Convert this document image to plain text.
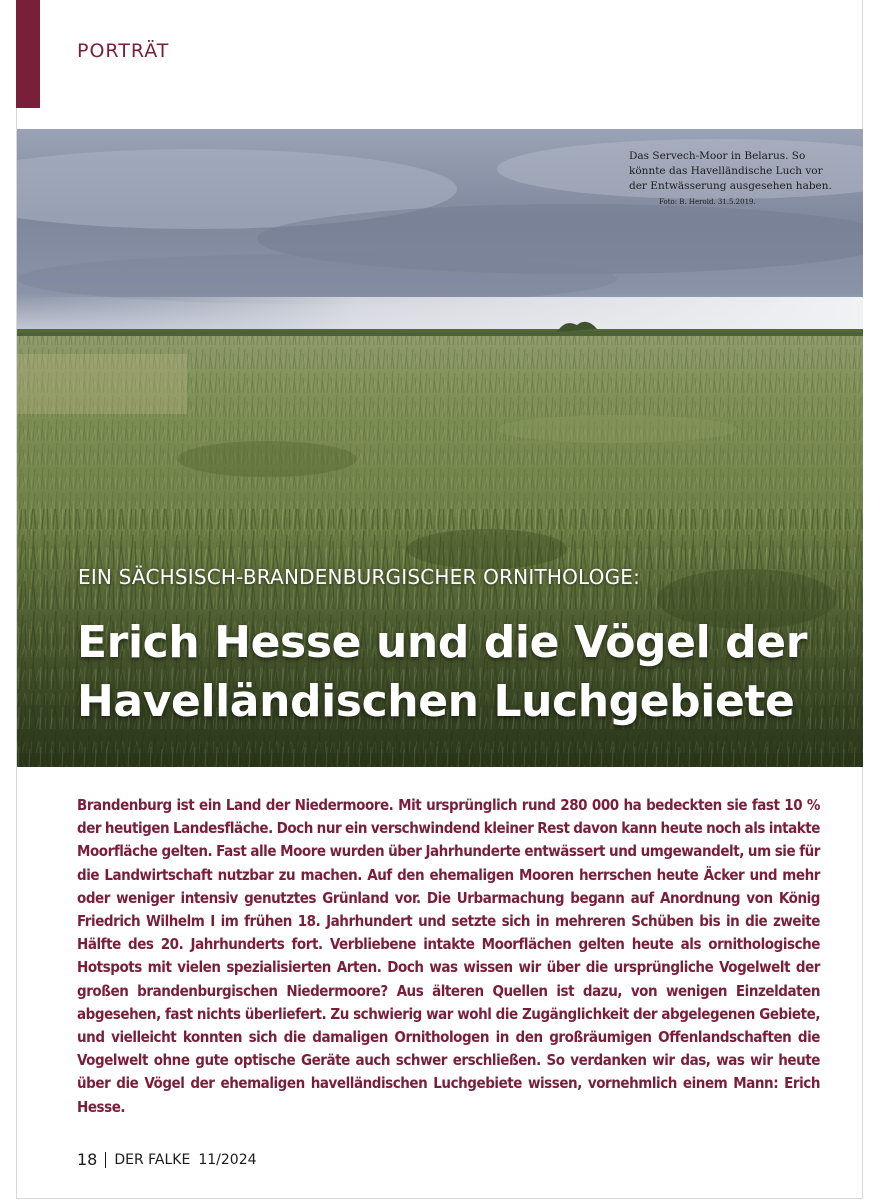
PORTRÄT
Das Servech-Moor in Belarus. So könnte das Havelländische Luch vor der Entwässerung ausgesehen haben. Foto: B. Herold. 31.5.2019.
EIN SÄCHSISCH-BRANDENBURGISCHER ORNITHOLOGE:
Erich Hesse und die Vögel der
Havelländischen Luchgebiete

Brandenburg ist ein Land der Niedermoore. Mit ursprünglich rund 280 000 ha bedeckten sie fast 10 % der heutigen Landesfläche. Doch nur ein verschwindend kleiner Rest davon kann heute noch als intakte Moorfläche gelten. Fast alle Moore wurden über Jahrhunderte entwässert und umgewandelt, um sie für die Landwirtschaft nutzbar zu machen. Auf den ehemaligen Mooren herrschen heute Äcker und mehr oder weniger intensiv genutztes Grünland vor. Die Urbarmachung begann auf Anordnung von König Friedrich Wilhelm I im frühen 18. Jahrhundert und setzte sich in mehreren Schüben bis in die zweite Hälfte des 20. Jahrhunderts fort. Verbliebene intakte Moorflächen gelten heute als ornithologische Hotspots mit vielen spezialisierten Arten. Doch was wissen wir über die ursprüngliche Vogelwelt der großen brandenburgischen Niedermoore? Aus älteren Quellen ist dazu, von wenigen Einzeldaten abgesehen, fast nichts überliefert. Zu schwierig war wohl die Zugänglichkeit der abgelegenen Gebiete, und vielleicht konnten sich die damaligen Ornithologen in den großräumigen Offenlandschaften die Vogelwelt ohne gute optische Geräte auch schwer erschließen. So verdanken wir das, was wir heute über die Vögel der ehemaligen havelländischen Luchgebiete wissen, vornehmlich einem Mann: Erich Hesse.

18 DER FALKE 11/2024
